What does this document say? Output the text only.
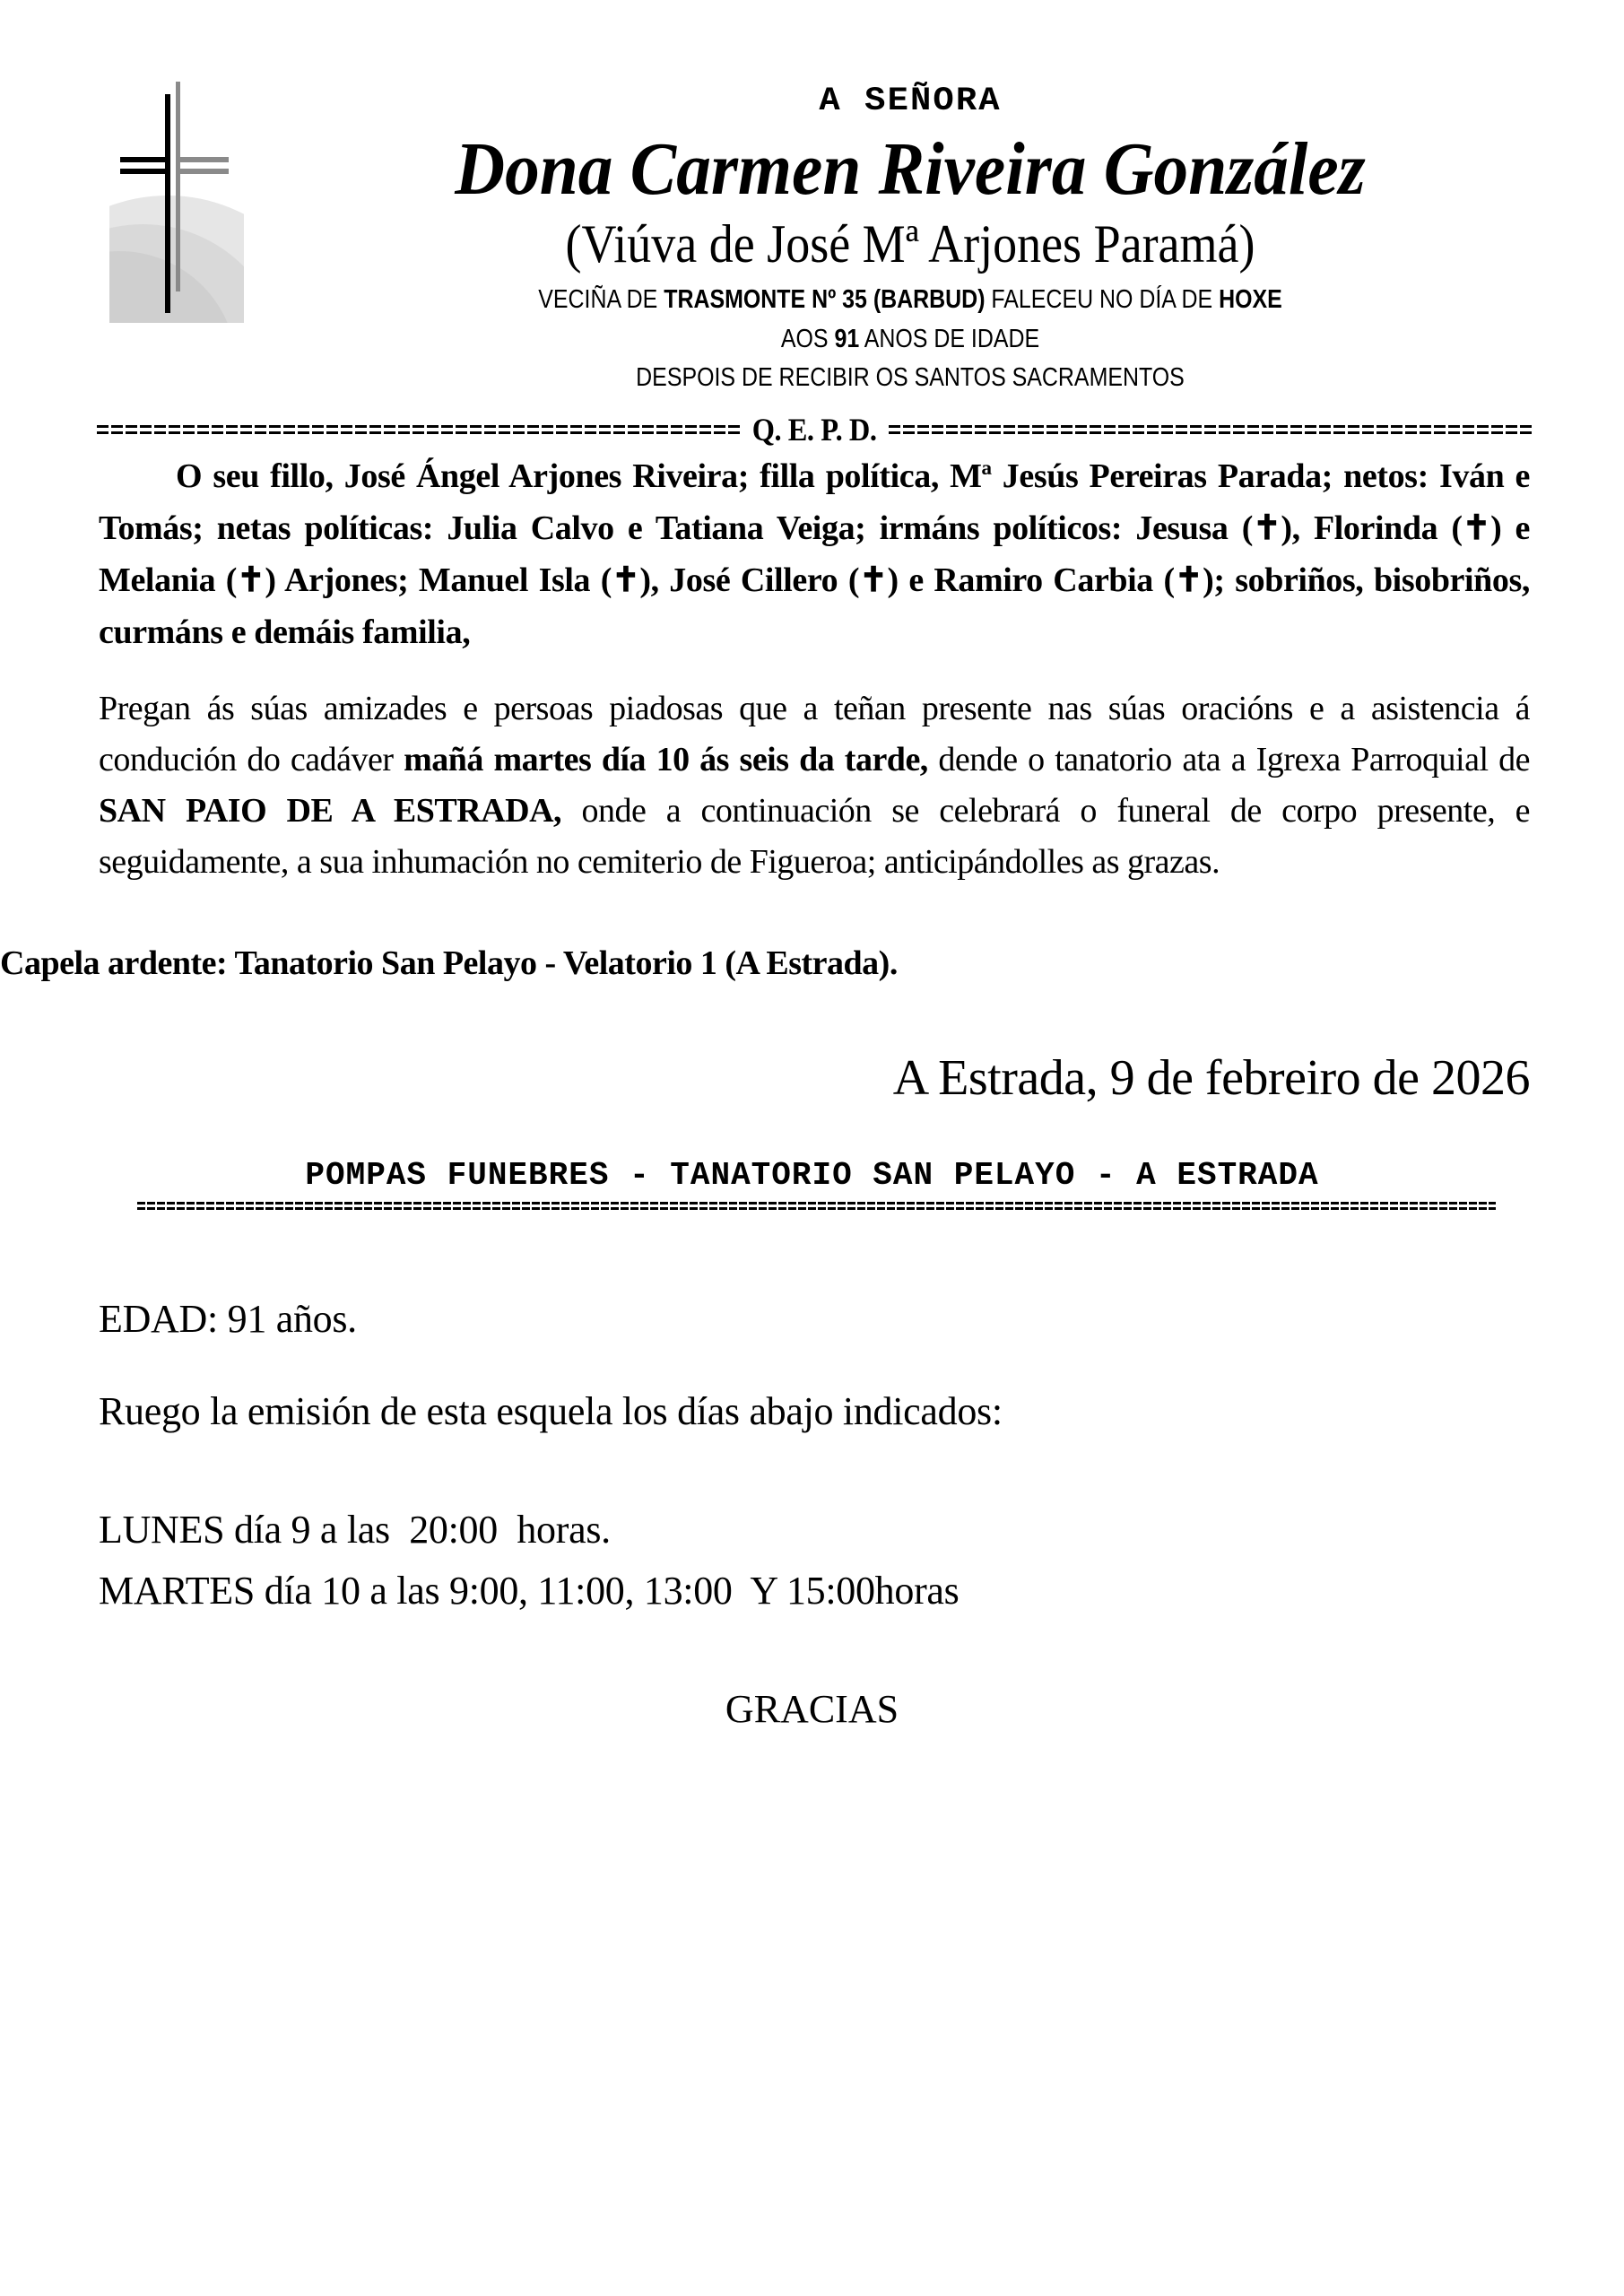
A SEÑORA
Dona Carmen Riveira González
(Viúva de José Mª Arjones Paramá)
VECIÑA DE TRASMONTE Nº 35 (BARBUD) FALECEU NO DÍA DE HOXE
AOS 91 ANOS DE IDADE
DESPOIS DE RECIBIR OS SANTOS SACRAMENTOS
Q. E. P. D.
O seu fillo, José Ángel Arjones Riveira; filla política, Mª Jesús Pereiras Parada; netos: Iván e Tomás; netas políticas: Julia Calvo e Tatiana Veiga; irmáns políticos: Jesusa (✝), Florinda (✝) e Melania (✝) Arjones; Manuel Isla (✝), José Cillero (✝) e Ramiro Carbia (✝); sobriños, bisobriños, curmáns e demáis familia,
Pregan ás súas amizades e persoas piadosas que a teñan presente nas súas oracións e a asistencia á condución do cadáver mañá martes día 10 ás seis da tarde, dende o tanatorio ata a Igrexa Parroquial de SAN PAIO DE A ESTRADA, onde a continuación se celebrará o funeral de corpo presente, e seguidamente, a sua inhumación no cemiterio de Figueroa; anticipándolles as grazas.
Capela ardente: Tanatorio San Pelayo - Velatorio 1 (A Estrada).
A Estrada, 9 de febreiro de 2026
POMPAS FUNEBRES - TANATORIO SAN PELAYO - A ESTRADA
EDAD: 91 años.
Ruego la emisión de esta esquela los días abajo indicados:
LUNES día 9 a las  20:00  horas.
MARTES día 10 a las 9:00, 11:00, 13:00  Y 15:00horas
GRACIAS
